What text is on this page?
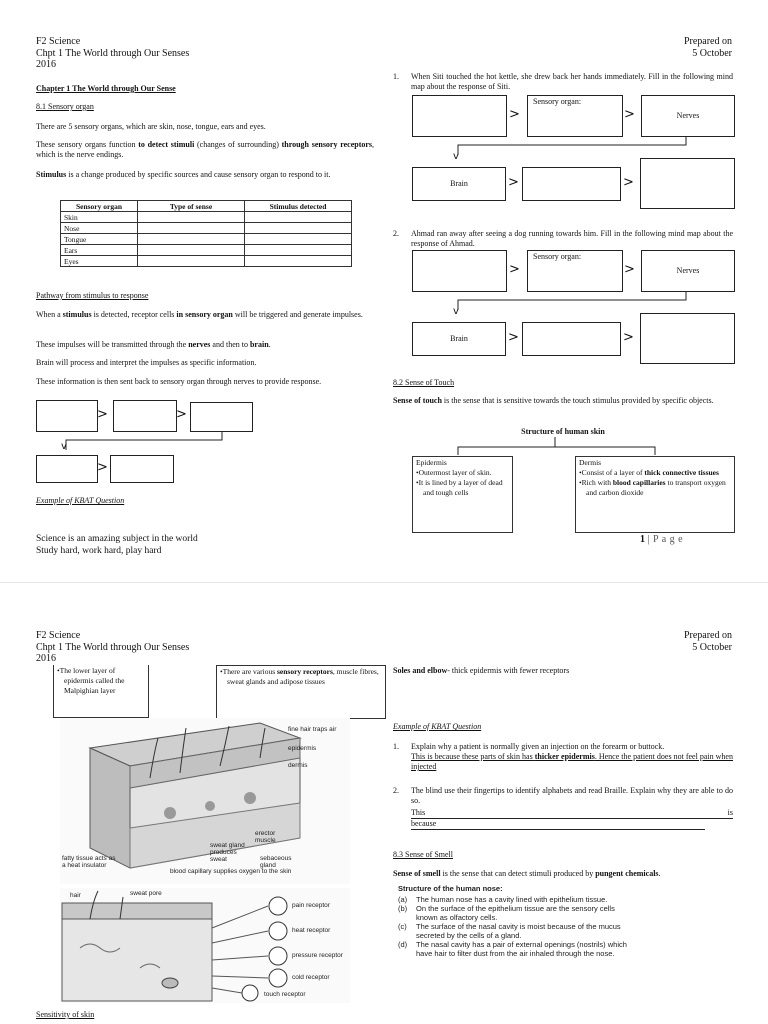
F2 Science
Chpt 1 The World through Our Senses
2016
Prepared on
5 October
Chapter 1 The World through Our Sense
8.1 Sensory organ
There are 5 sensory organs, which are skin, nose, tongue, ears and eyes.
These sensory organs function to detect stimuli (changes of surrounding) through sensory receptors, which is the nerve endings.
Stimulus is a change produced by specific sources and cause sensory organ to respond to it.
Sensory organ	Type of sense	Stimulus detected
Skin		
Nose		
Tongue		
Ears		
Eyes		
Pathway from stimulus to response
When a stimulus is detected, receptor cells in sensory organ will be triggered and generate impulses.
These impulses will be transmitted through the nerves and then to brain.
Brain will process and interpret the impulses as specific information.
These information is then sent back to sensory organ through nerves to provide response.
>	>
v
>
Example of KBAT Question
1. When Siti touched the hot kettle, she drew back her hands immediately. Fill in the following mind map about the response of Siti.
>
Sensory organ:
>	Nerves
v
Brain	>	>
2. Ahmad ran away after seeing a dog running towards him. Fill in the following mind map about the response of Ahmad.
>
Sensory organ:
>	Nerves
v
Brain	>	>
8.2 Sense of Touch
Sense of touch is the sense that is sensitive towards the touch stimulus provided by specific objects.
Structure of human skin
Epidermis
•Outermost layer of skin.
•It is lined by a layer of dead and tough cells
Dermis
•Consist of a layer of thick connective tissues
•Rich with blood capillaries to transport oxygen and carbon dioxide
Science is an amazing subject in the world
Study hard, work hard, play hard
1 | P a g e
F2 Science
Chpt 1 The World through Our Senses
2016
Prepared on
5 October
•The lower layer of epidermis called the Malpighian layer
•There are various sensory receptors, muscle fibres, sweat glands and adipose tissues
fine hair traps air
epidermis
dermis
erector muscle
sweat gland produces sweat	sebaceous gland
fatty tissue acts as a heat insulator
blood capillary supplies oxygen to the skin
hair	sweat pore
pain receptor
heat receptor
pressure receptor
cold receptor
touch receptor
Sensitivity of skin
Soles and elbow- thick epidermis with fewer receptors
Example of KBAT Question
1. Explain why a patient is normally given an injection on the forearm or buttock.
This is because these parts of skin has thicker epidermis. Hence the patient does not feel pain when injected
2. The blind use their fingertips to identify alphabets and read Braille. Explain why they are able to do so.
This	is
because
8.3 Sense of Smell
Sense of smell is the sense that can detect stimuli produced by pungent chemicals.
Structure of the human nose:
(a) The human nose has a cavity lined with epithelium tissue.
(b) On the surface of the epithelium tissue are the sensory cells known as olfactory cells.
(c) The surface of the nasal cavity is moist because of the mucus secreted by the cells of a gland.
(d) The nasal cavity has a pair of external openings (nostrils) which have hair to filter dust from the air inhaled through the nose.
